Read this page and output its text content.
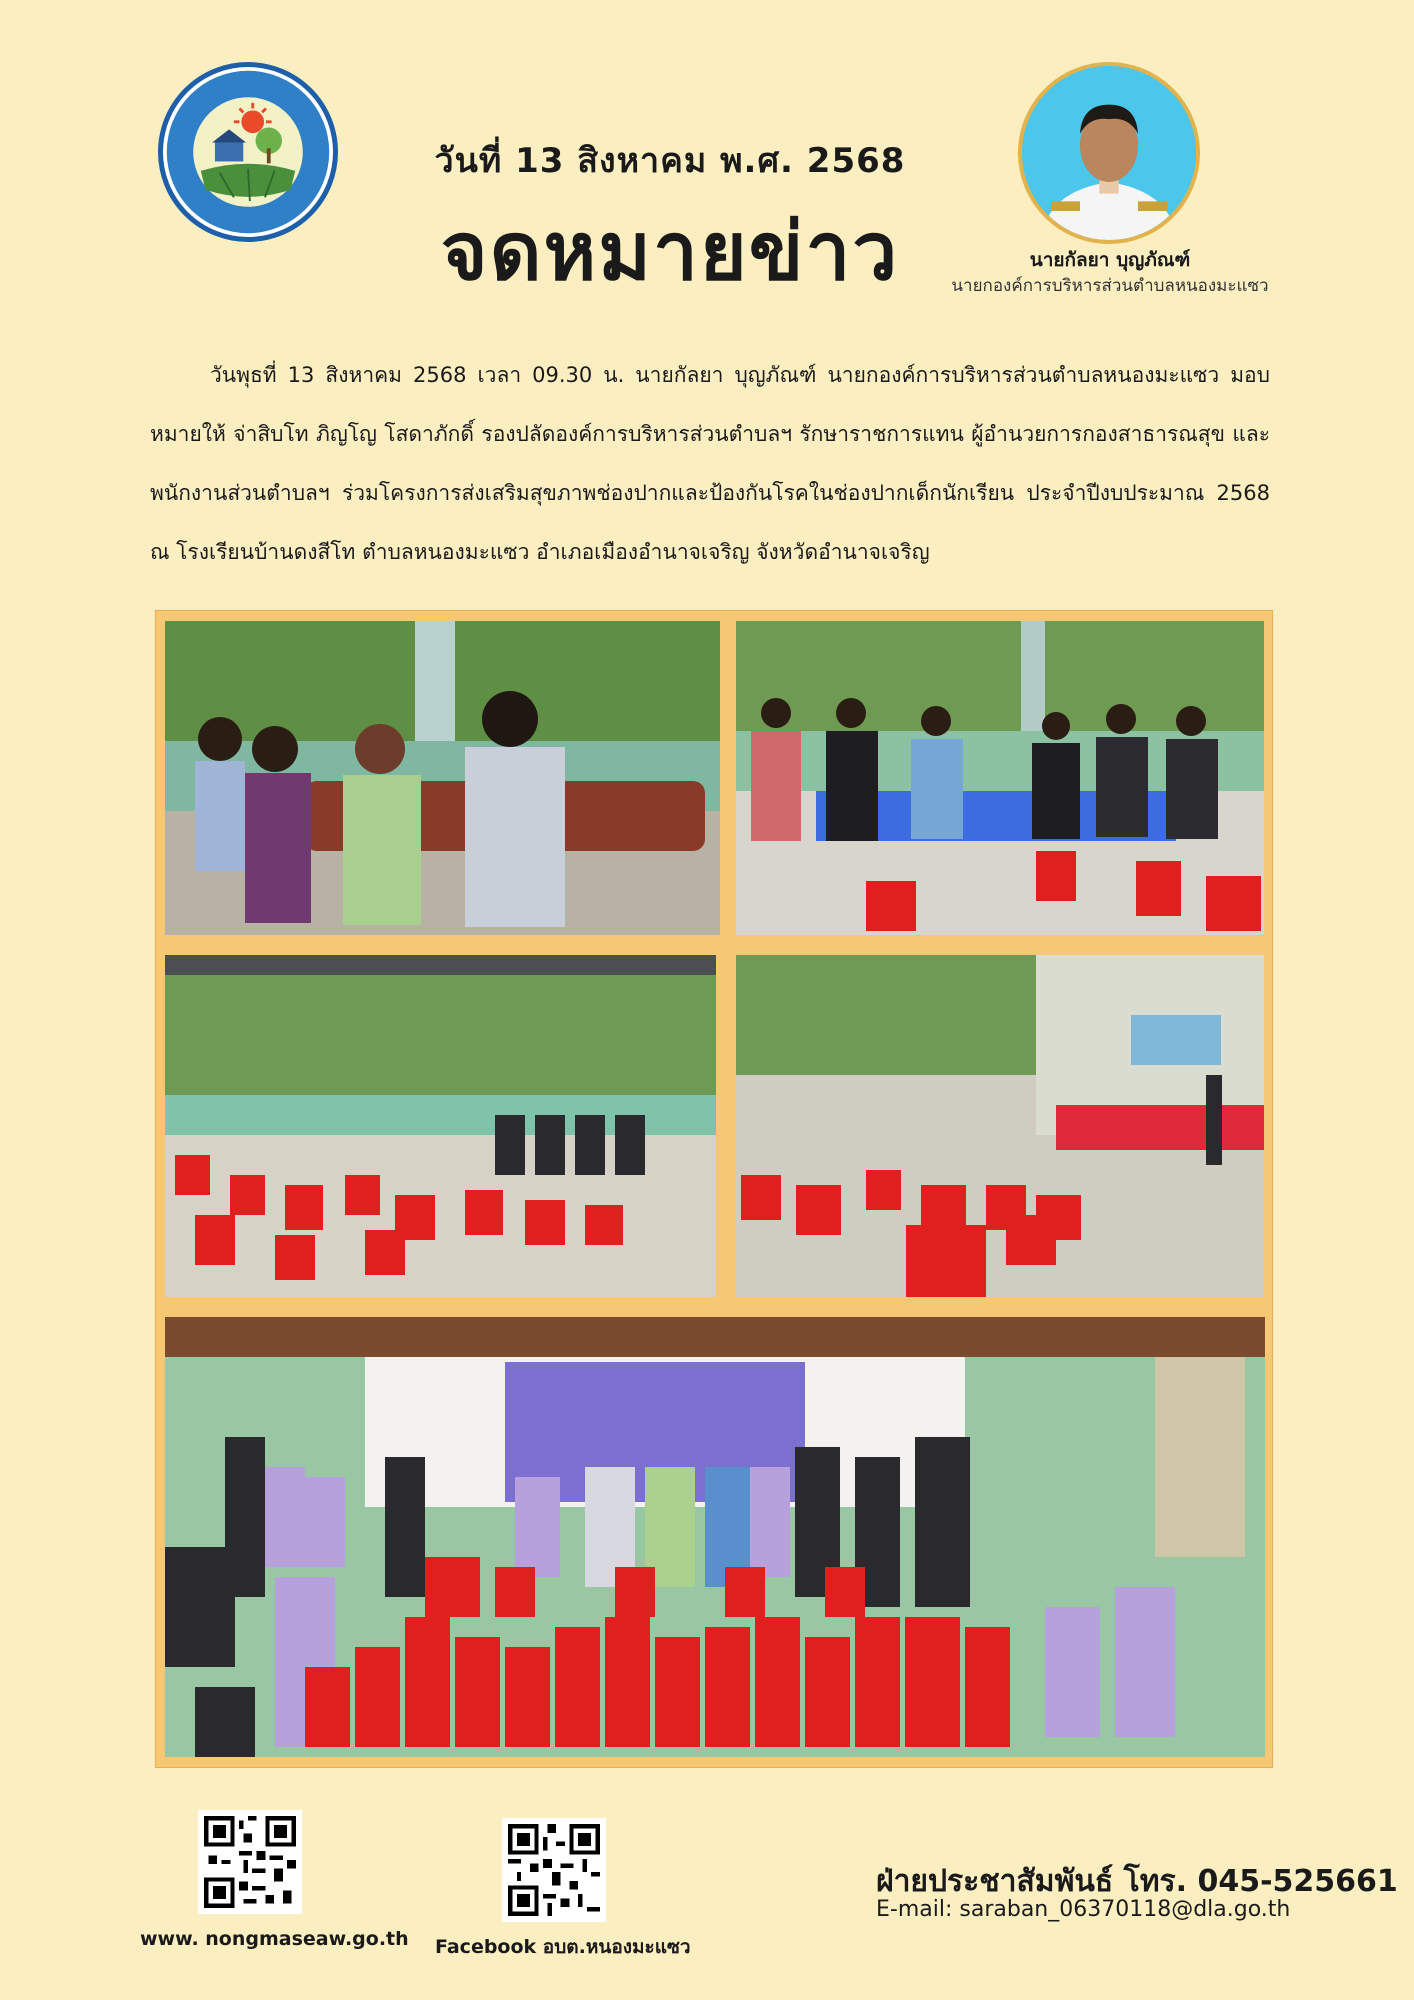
วันที่ 13 สิงหาคม พ.ศ. 2568
จดหมายข่าว	นายกัลยา บุญภัณฑ์
นายกองค์การบริหารส่วนตำบลหนองมะแซว

วันพุธที่ 13 สิงหาคม 2568 เวลา 09.30 น. นายกัลยา บุญภัณฑ์ นายกองค์การบริหารส่วนตำบลหนองมะแซว มอบหมายให้ จ่าสิบโท ภิญโญ โสดาภักดิ์ รองปลัดองค์การบริหารส่วนตำบลฯ รักษาราชการแทน ผู้อำนวยการกองสาธารณสุข และพนักงานส่วนตำบลฯ ร่วมโครงการส่งเสริมสุขภาพช่องปากและป้องกันโรคในช่องปากเด็กนักเรียน ประจำปีงบประมาณ 2568 ณ โรงเรียนบ้านดงสีโท ตำบลหนองมะแซว อำเภอเมืองอำนาจเจริญ จังหวัดอำนาจเจริญ

www. nongmaseaw.go.th Facebook อบต.หนองมะแซว
ฝ่ายประชาสัมพันธ์ โทร. 045-525661
E-mail: saraban_06370118@dla.go.th
